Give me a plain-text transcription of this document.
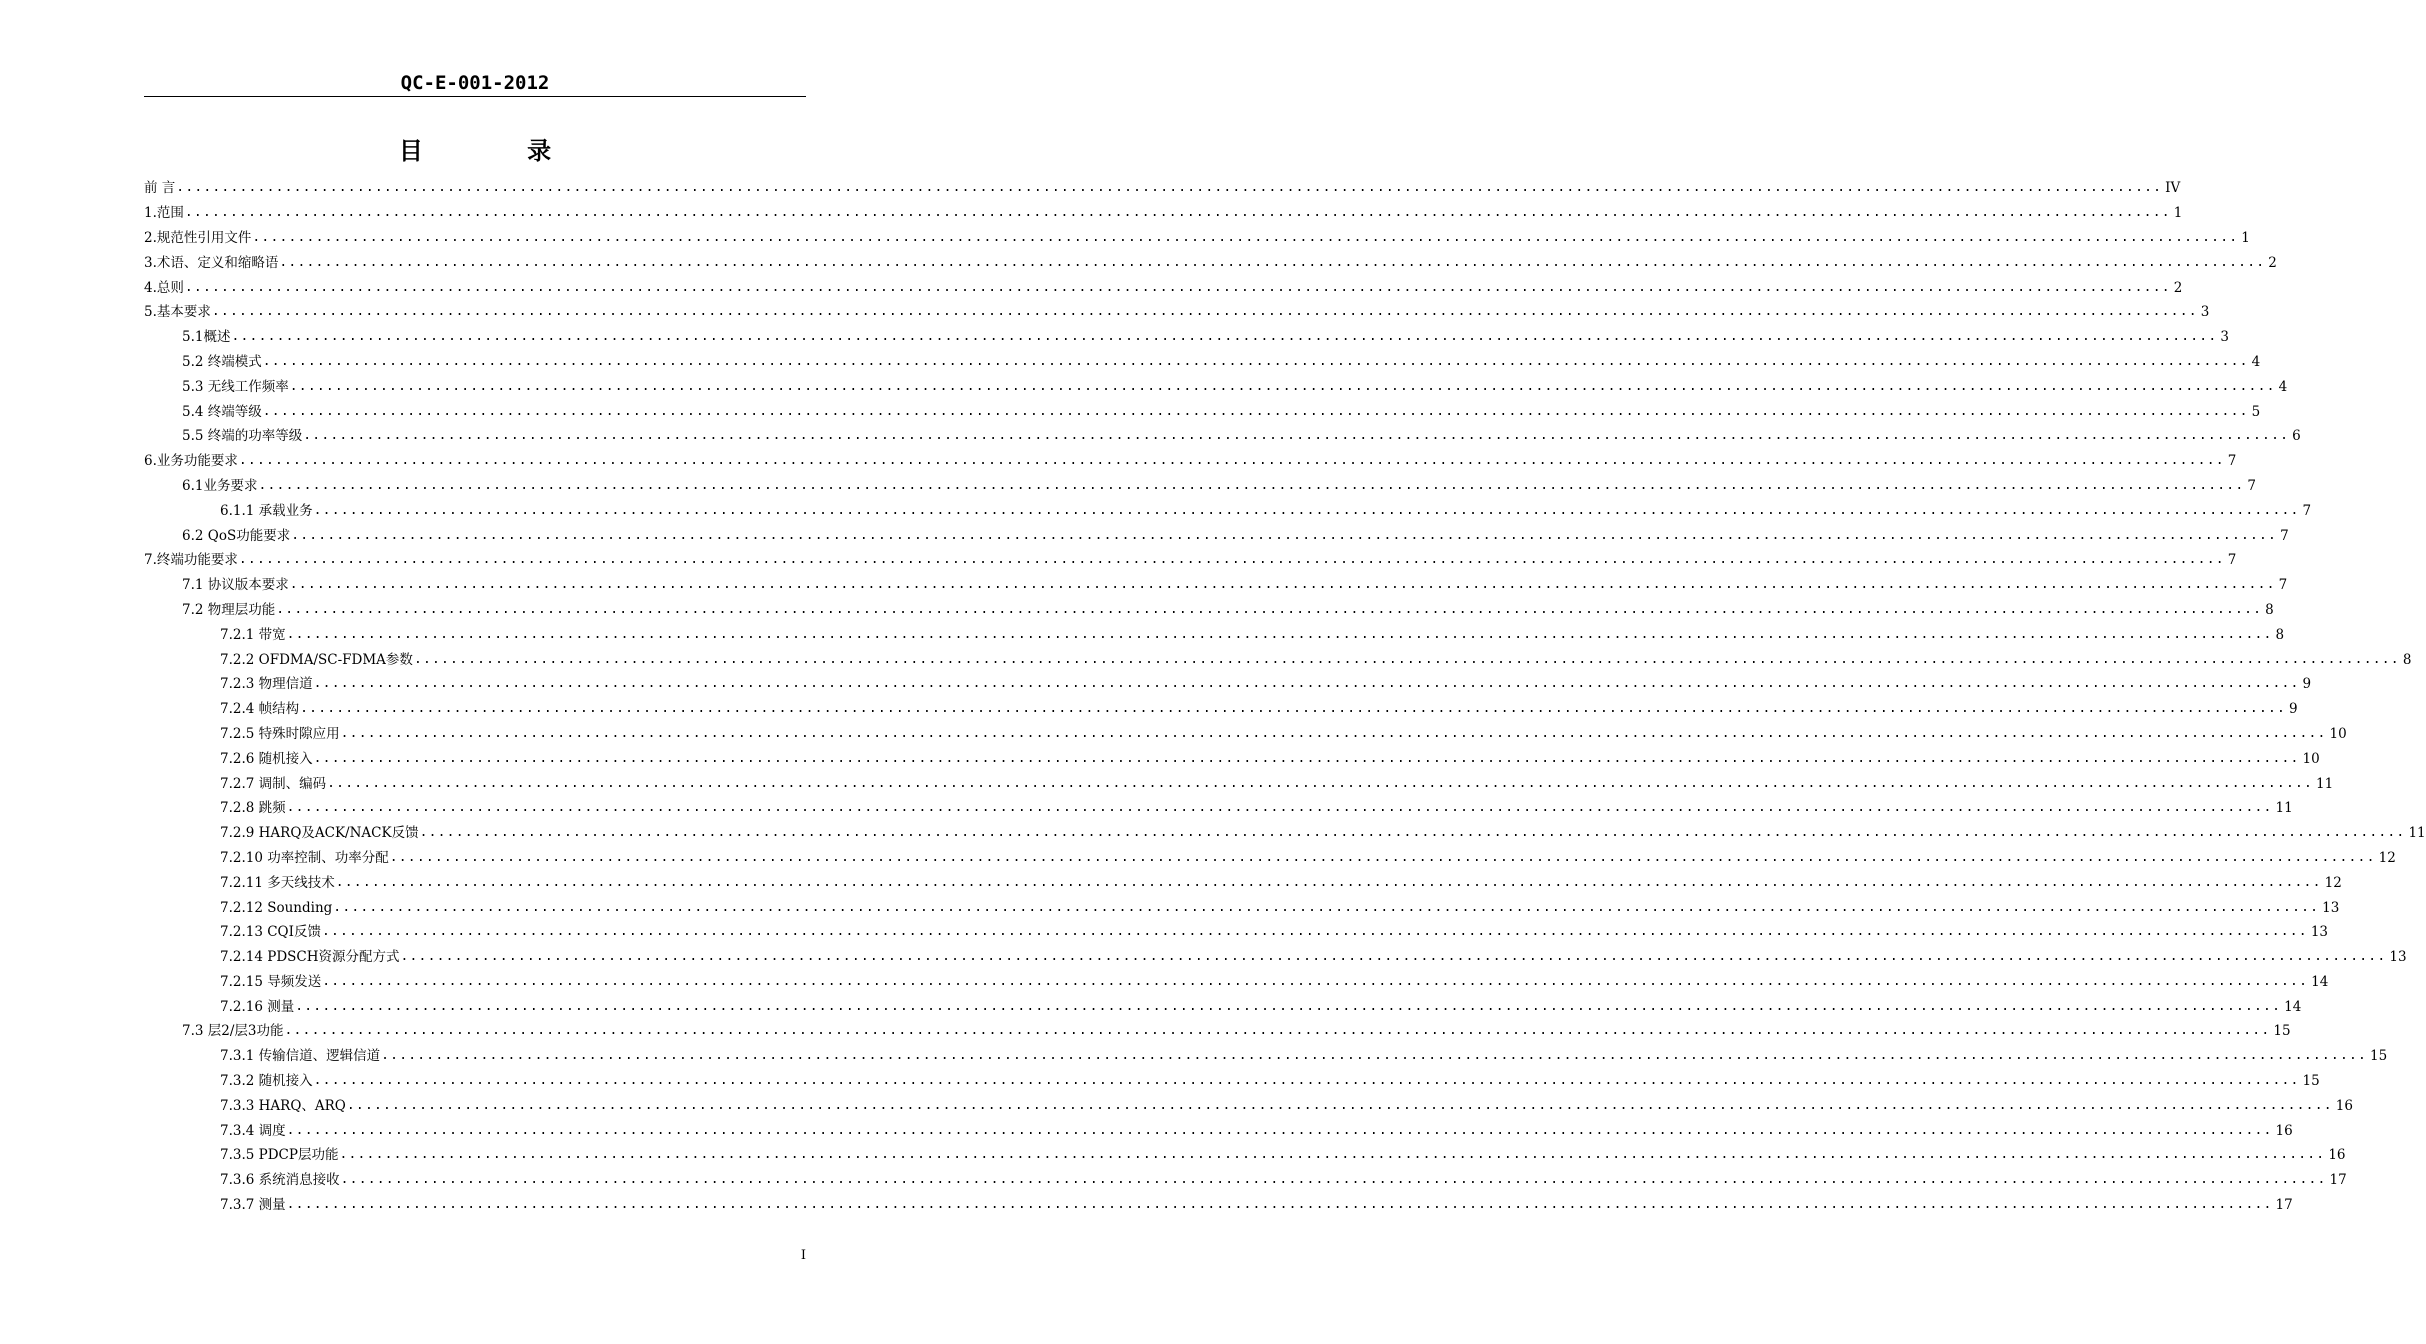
QC-E-001-2012
目 录
前 言 ............................................................................................................................................................................................................................ IV
1.范围 ............................................................................................................................................................................................................................ 1
2.规范性引用文件 ............................................................................................................................................................................................................................ 1
3.术语、定义和缩略语 ............................................................................................................................................................................................................................ 2
4.总则 ............................................................................................................................................................................................................................ 2
5.基本要求 ............................................................................................................................................................................................................................ 3
5.1概述 ............................................................................................................................................................................................................................ 3
5.2 终端模式 ............................................................................................................................................................................................................................ 4
5.3 无线工作频率 ............................................................................................................................................................................................................................ 4
5.4 终端等级 ............................................................................................................................................................................................................................ 5
5.5 终端的功率等级 ............................................................................................................................................................................................................................ 6
6.业务功能要求 ............................................................................................................................................................................................................................ 7
6.1业务要求 ............................................................................................................................................................................................................................ 7
6.1.1 承载业务 ............................................................................................................................................................................................................................ 7
6.2 QoS功能要求 ............................................................................................................................................................................................................................ 7
7.终端功能要求 ............................................................................................................................................................................................................................ 7
7.1 协议版本要求 ............................................................................................................................................................................................................................ 7
7.2 物理层功能 ............................................................................................................................................................................................................................ 8
7.2.1 带宽 ............................................................................................................................................................................................................................ 8
7.2.2 OFDMA/SC-FDMA参数 ............................................................................................................................................................................................................................ 8
7.2.3 物理信道 ............................................................................................................................................................................................................................ 9
7.2.4 帧结构 ............................................................................................................................................................................................................................ 9
7.2.5 特殊时隙应用 ............................................................................................................................................................................................................................ 10
7.2.6 随机接入 ............................................................................................................................................................................................................................ 10
7.2.7 调制、编码 ............................................................................................................................................................................................................................ 11
7.2.8 跳频 ............................................................................................................................................................................................................................ 11
7.2.9 HARQ及ACK/NACK反馈 ............................................................................................................................................................................................................................ 11
7.2.10 功率控制、功率分配 ............................................................................................................................................................................................................................ 12
7.2.11 多天线技术 ............................................................................................................................................................................................................................ 12
7.2.12 Sounding ............................................................................................................................................................................................................................ 13
7.2.13 CQI反馈 ............................................................................................................................................................................................................................ 13
7.2.14 PDSCH资源分配方式 ............................................................................................................................................................................................................................ 13
7.2.15 导频发送 ............................................................................................................................................................................................................................ 14
7.2.16 测量 ............................................................................................................................................................................................................................ 14
7.3 层2/层3功能 ............................................................................................................................................................................................................................ 15
7.3.1 传输信道、逻辑信道 ............................................................................................................................................................................................................................ 15
7.3.2 随机接入 ............................................................................................................................................................................................................................ 15
7.3.3 HARQ、ARQ ............................................................................................................................................................................................................................ 16
7.3.4 调度 ............................................................................................................................................................................................................................ 16
7.3.5 PDCP层功能 ............................................................................................................................................................................................................................ 16
7.3.6 系统消息接收 ............................................................................................................................................................................................................................ 17
7.3.7 测量 ............................................................................................................................................................................................................................ 17
I
